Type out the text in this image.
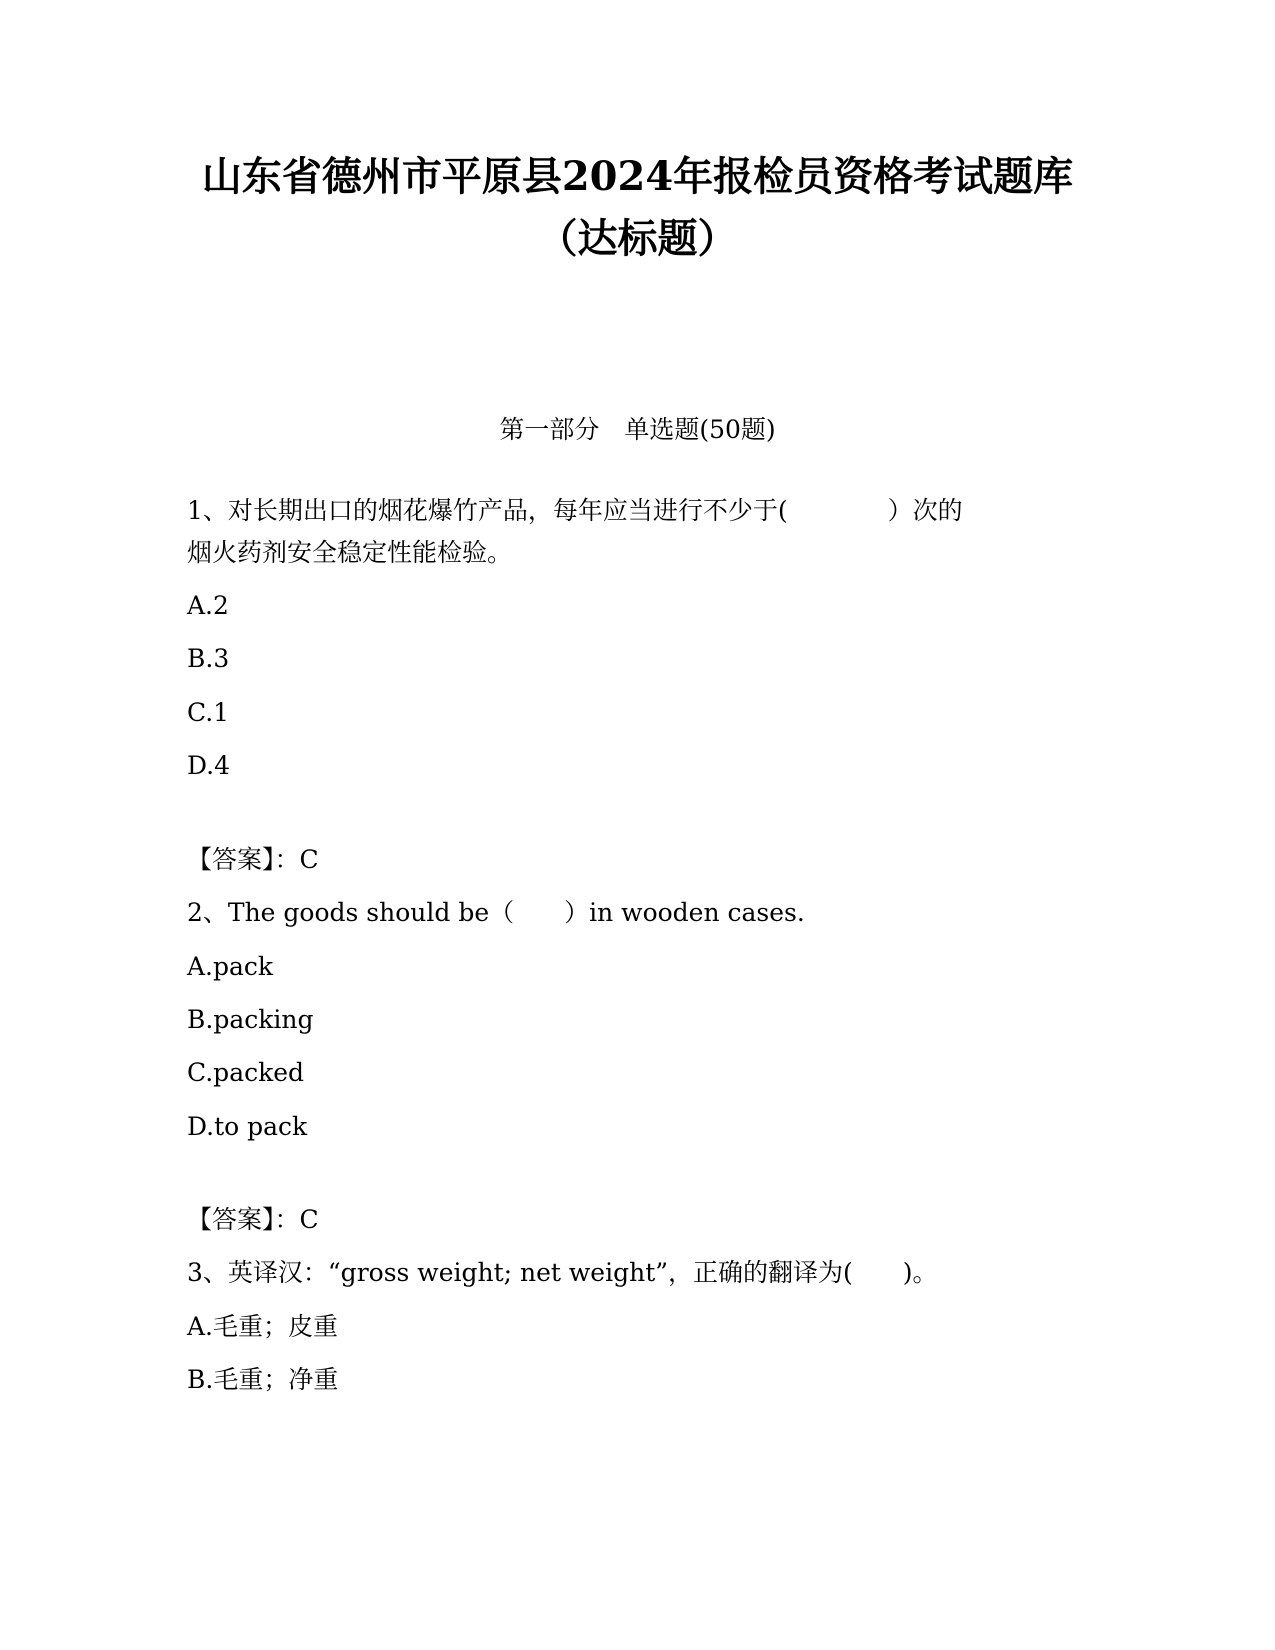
山东省德州市平原县2024年报检员资格考试题库
（达标题）
第一部分　单选题(50题)
1、对长期出口的烟花爆竹产品，每年应当进行不少于(　　　　）次的
烟火药剂安全稳定性能检验。
A.2
B.3
C.1
D.4
【答案】：C
2、The goods should be（　　）in wooden cases.
A.pack
B.packing
C.packed
D.to pack
【答案】：C
3、英译汉：“gross weight; net weight”，正确的翻译为(　　)。
A.毛重；皮重
B.毛重；净重
